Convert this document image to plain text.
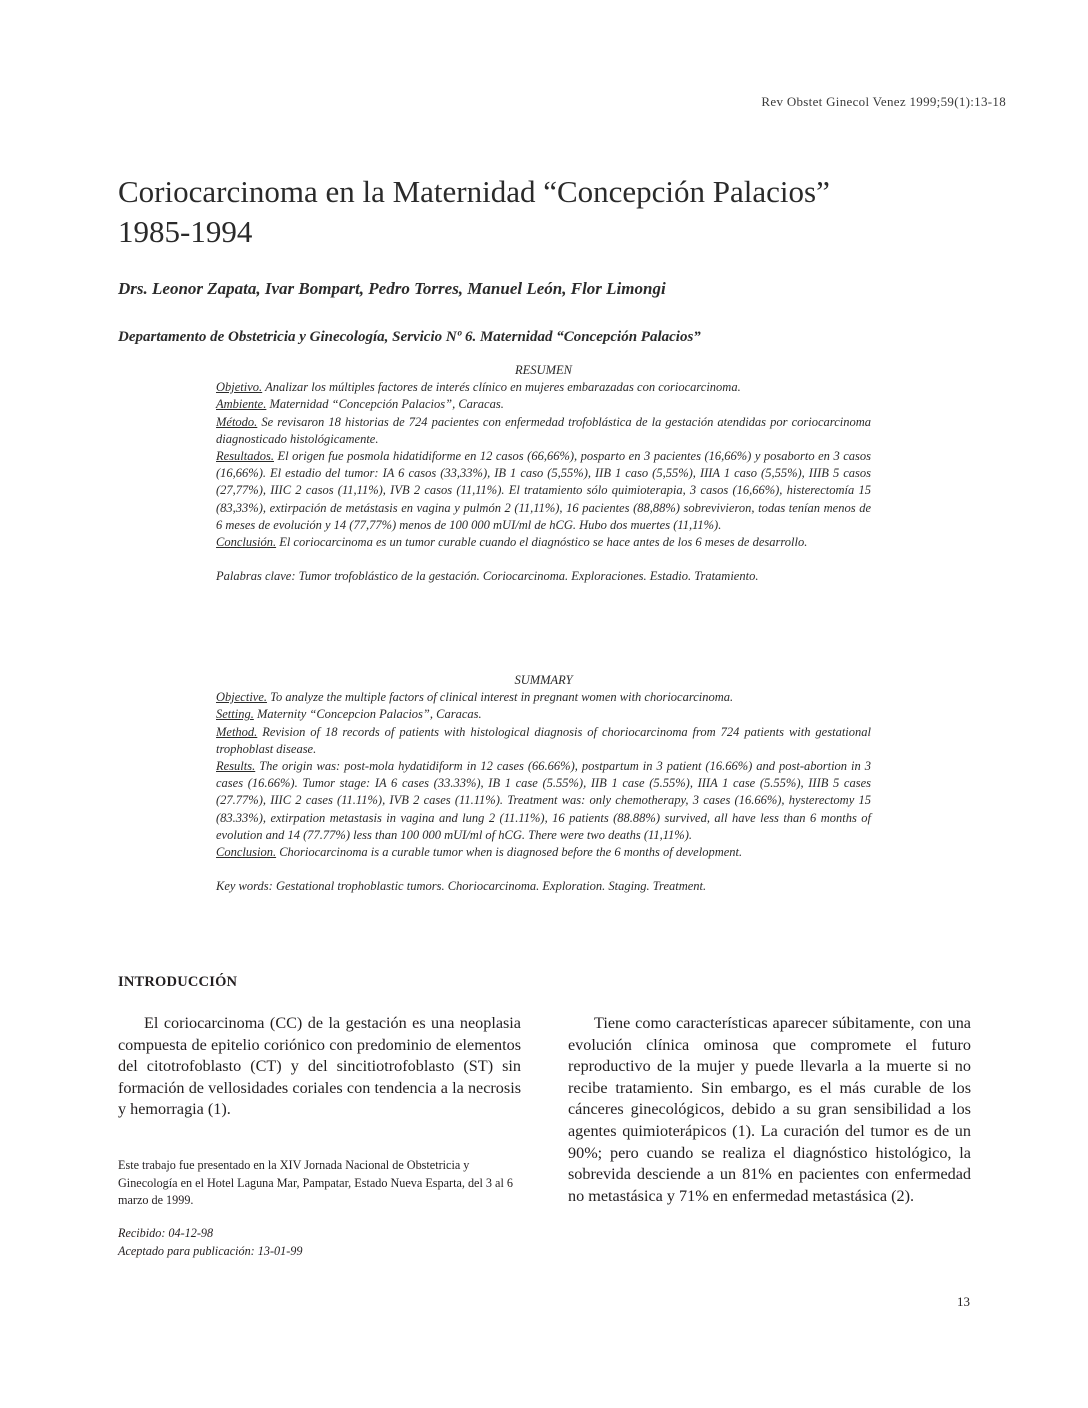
Rev Obstet Ginecol Venez 1999;59(1):13-18
Coriocarcinoma en la Maternidad “Concepción Palacios”
1985-1994
Drs. Leonor Zapata, Ivar Bompart, Pedro Torres, Manuel León, Flor Limongi
Departamento de Obstetricia y Ginecología, Servicio Nº 6. Maternidad “Concepción Palacios”

RESUMEN

Objetivo. Analizar los múltiples factores de interés clínico en mujeres embarazadas con coriocarcinoma.

Ambiente. Maternidad “Concepción Palacios”, Caracas.

Método. Se revisaron 18 historias de 724 pacientes con enfermedad trofoblástica de la gestación atendidas por coriocarcinoma diagnosticado histológicamente.

Resultados. El origen fue posmola hidatidiforme en 12 casos (66,66%), posparto en 3 pacientes (16,66%) y posaborto en 3 casos (16,66%). El estadio del tumor: IA 6 casos (33,33%), IB 1 caso (5,55%), IIB 1 caso (5,55%), IIIA 1 caso (5,55%), IIIB 5 casos (27,77%), IIIC 2 casos (11,11%), IVB 2 casos (11,11%). El tratamiento sólo quimioterapia, 3 casos (16,66%), histerectomía 15 (83,33%), extirpación de metástasis en vagina y pulmón 2 (11,11%), 16 pacientes (88,88%) sobrevivieron, todas tenían menos de 6 meses de evolución y 14 (77,77%) menos de 100 000 mUI/ml de hCG. Hubo dos muertes (11,11%).

Conclusión. El coriocarcinoma es un tumor curable cuando el diagnóstico se hace antes de los 6 meses de desarrollo.

Palabras clave: Tumor trofoblástico de la gestación. Coriocarcinoma. Exploraciones. Estadio. Tratamiento.

SUMMARY

Objective. To analyze the multiple factors of clinical interest in pregnant women with choriocarcinoma.

Setting. Maternity “Concepcion Palacios”, Caracas.

Method. Revision of 18 records of patients with histological diagnosis of choriocarcinoma from 724 patients with gestational trophoblast disease.

Results. The origin was: post-mola hydatidiform in 12 cases (66.66%), postpartum in 3 patient (16.66%) and post-abortion in 3 cases (16.66%). Tumor stage: IA 6 cases (33.33%), IB 1 case (5.55%), IIB 1 case (5.55%), IIIA 1 case (5.55%), IIIB 5 cases (27.77%), IIIC 2 cases (11.11%), IVB 2 cases (11.11%). Treatment was: only chemotherapy, 3 cases (16.66%), hysterectomy 15 (83.33%), extirpation metastasis in vagina and lung 2 (11.11%), 16 patients (88.88%) survived, all have less than 6 months of evolution and 14 (77.77%) less than 100 000 mUI/ml of hCG. There were two deaths (11,11%).

Conclusion. Choriocarcinoma is a curable tumor when is diagnosed before the 6 months of development.

Key words: Gestational trophoblastic tumors. Choriocarcinoma. Exploration. Staging. Treatment.

INTRODUCCIÓN

El coriocarcinoma (CC) de la gestación es una neoplasia compuesta de epitelio coriónico con predominio de elementos del citotrofoblasto (CT) y del sincitiotrofoblasto (ST) sin formación de vellosidades coriales con tendencia a la necrosis y hemorragia (1).

Tiene como características aparecer súbitamente, con una evolución clínica ominosa que compromete el futuro reproductivo de la mujer y puede llevarla a la muerte si no recibe tratamiento. Sin embargo, es el más curable de los cánceres ginecológicos, debido a su gran sensibilidad a los agentes quimioterápicos (1). La curación del tumor es de un 90%; pero cuando se realiza el diagnóstico histológico, la sobrevida desciende a un 81% en pacientes con enfermedad no metastásica y 71% en enfermedad metastásica (2).

Este trabajo fue presentado en la XIV Jornada Nacional de Obstetricia y Ginecología en el Hotel Laguna Mar, Pampatar, Estado Nueva Esparta, del 3 al 6 marzo de 1999.
Recibido: 04-12-98
Aceptado para publicación: 13-01-99
13
